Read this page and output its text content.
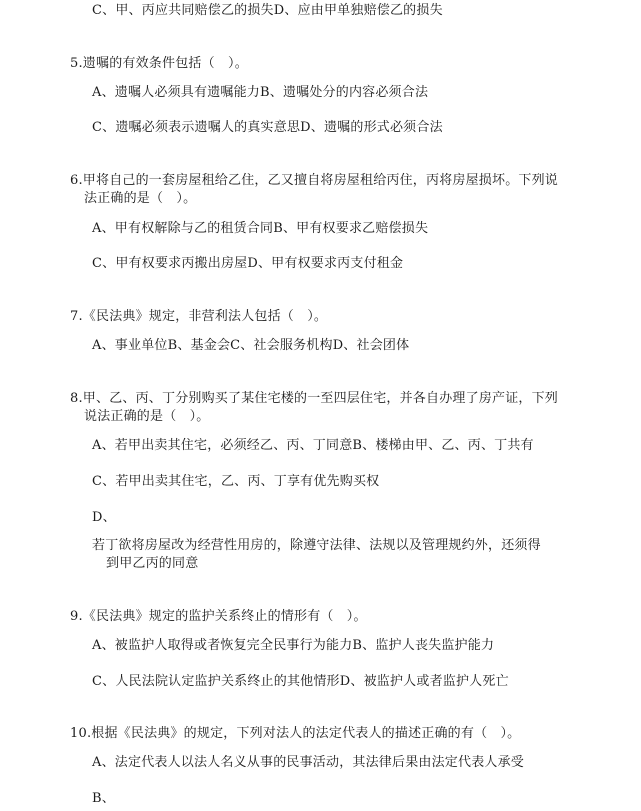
C、甲、丙应共同赔偿乙的损失D、应由甲单独赔偿乙的损失
5.遗嘱的有效条件包括（　）。
A、遗嘱人必须具有遗嘱能力B、遗嘱处分的内容必须合法
C、遗嘱必须表示遗嘱人的真实意思D、遗嘱的形式必须合法
6.甲将自己的一套房屋租给乙住，乙又擅自将房屋租给丙住，丙将房屋损坏。下列说
法正确的是（　）。
A、甲有权解除与乙的租赁合同B、甲有权要求乙赔偿损失
C、甲有权要求丙搬出房屋D、甲有权要求丙支付租金
7.《民法典》规定，非营利法人包括（　）。
A、事业单位B、基金会C、社会服务机构D、社会团体
8.甲、乙、丙、丁分别购买了某住宅楼的一至四层住宅，并各自办理了房产证，下列
说法正确的是（　）。
A、若甲出卖其住宅，必须经乙、丙、丁同意B、楼梯由甲、乙、丙、丁共有
C、若甲出卖其住宅，乙、丙、丁享有优先购买权
D、
若丁欲将房屋改为经营性用房的，除遵守法律、法规以及管理规约外，还须得
到甲乙丙的同意
9.《民法典》规定的监护关系终止的情形有（　）。
A、被监护人取得或者恢复完全民事行为能力B、监护人丧失监护能力
C、人民法院认定监护关系终止的其他情形D、被监护人或者监护人死亡
10.根据《民法典》的规定，下列对法人的法定代表人的描述正确的有（　）。
A、法定代表人以法人名义从事的民事活动，其法律后果由法定代表人承受
B、
